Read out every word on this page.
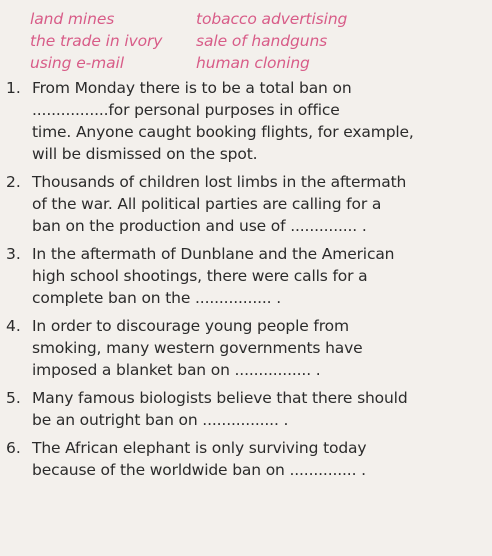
land mines	tobacco advertising
the trade in ivory	sale of handguns
using e-mail	human cloning
1. From Monday there is to be a total ban on
................for personal purposes in office
time. Anyone caught booking flights, for example,
will be dismissed on the spot.
2. Thousands of children lost limbs in the aftermath
of the war. All political parties are calling for a
ban on the production and use of .............. .
3. In the aftermath of Dunblane and the American
high school shootings, there were calls for a
complete ban on the ................ .
4. In order to discourage young people from
smoking, many western governments have
imposed a blanket ban on ................ .
5. Many famous biologists believe that there should
be an outright ban on ................ .
6. The African elephant is only surviving today
because of the worldwide ban on .............. .
